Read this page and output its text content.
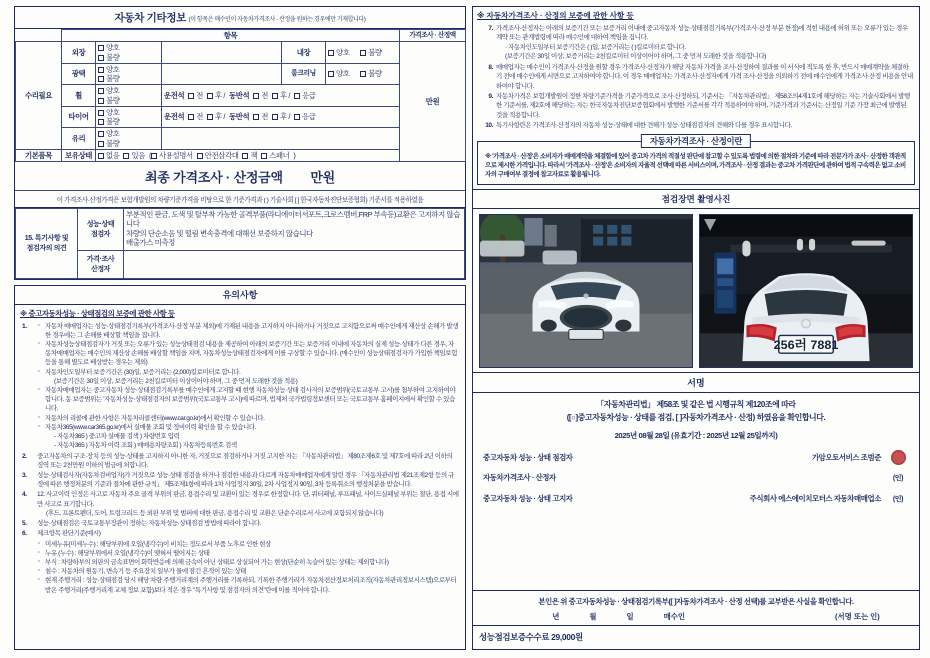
자동차 기타정보 (이 항목은 매수인이 자동차가격조사 · 산정을 원하는 경우에만 기재합니다)
	항목					가격조사 · 산정액
수리필요	외장	양호 불량		내장	양호 불량	만원
	광택	양호 불량		룸크리닝	양호 불량	
	휠	양호 불량	운전석 전 후 / 동반석 전 후 / 응급			
	타이어	양호 불량	운전석 전 후 / 동반석 전 후 / 응급			
	유리	양호 불량				
기본품목	보유상태	없음 있음 ( 사용설명서 안전삼각대 잭 스패너 )				
최종 가격조사 · 산정금액 만원
이 가격조사·산정가격은 보험개발원의 차량기준가격을 비탕으로 한 기준가격과 ( ) 기술사회 [ ] 한국자동차진단보증협회) 기준서를 적용하였음
15. 특기사항 및
점검자의 의견	성능·상태
점검자	
부분적인 판금, 도색 및 탈부착 가능한 골격부품(라디에이터서포트,크로스멤버,FRP 부속등)교환은 고지하지 않습니다
차량의 단순소음 및 떨림 변속충격에 대해선 보증하지 않습니다
배출가스 미측정

	가격·조사
산정자	
유의사항
※ 중고자동차성능 · 상태점검의 보증에 관한 사항 등
· 자동차 매매업자는 성능·상태점검기록부(가격조사·산정 부분 제외)에 기재된 내용을 고지하지 아니하거나 거짓으로 고지함으로써 매수인에게 재산상 손해가 발생한 경우에는 그 손해를 배상할 책임을 집니다.
· 자동차성능상태점검자가 거짓 또는 오류가 있는 성능상태점검 내용을 제공하여 아래의 보증기간 또는 보증거리 이내에 자동차의 실제 성능·상태가 다른 경우, 자동차매매업자는 매수인의 재산상 손해를 배상할 책임을 지며, 자동차성능상태점검자에게 이를 구상할 수 있습니다. (매수인이 성능상태점검자가 가입한 책임보험 등을 통해 별도로 배상받는 경우는 제외)
· 자동차인도일부터 보증기간은 (30)일, 보증거리는 (2,000)킬로미터로 합니다.
(보증기간은 30일 이상, 보증거리는 2천킬로미터 이상이어야 하며, 그 중 먼저 도래한 것을 적용)
· 자동차매매업자는 중고자동차 성능·상태점검기록부를 매수인에게 고지할 때 현행 자동차성능·상태 검사자의 보증범위(국토교통부 고시)를 첨부하여 고지하여야 합니다. 동 보증범위는 '자동차성능·상태점검자의 보증범위'(국토교통부 고시)에 따르며, 법제처 국가법령정보센터 또는 국토교통부 홈페이지에서 확인할 수 있습니다.
· 자동차의 리콜에 관한 사항은 자동차리콜센터(www.car.go.kr)에서 확인할 수 있습니다.
· 자동차365(www.car365.go.kr)에서 실매물 조회 및 정비이력 확인을 할 수 있습니다.
- 자동차365 ) 중고차 실매물 검색 ) 차량번호 입력
- 자동차365 ) 자동차 이력 조회 ) 매매용차량조회 ) 자동차등록번호 검색
중고자동차의 구조·장치 등의 성능·상태를 고지하지 아니한 자, 거짓으로 점검하거나 거짓 고지한 자는 「자동차관리법」 제80조제6호 및 제7호에 따라 2년 이하의 징역 또는 2천만원 이하의 벌금에 처합니다.
성능·상태검사자(자동차검비업자)가 거짓으로 성능·상태 점검을 하거나 점검한 내용과 다르게 자동차매매업자에게 알린 경우 「자동차관리법 제21조제2항 등의 규정에 따른 행정처분의 기준과 절차에 관한 규칙」 제5조제1항에 따라 1차 사업정지 30일, 2차 사업정지 90일, 3차 등록취소의 행정처분을 받습니다.
12. 사고이력 인정은 사고로 자동차 주요 골격 부위의 판금, 용접수리 및 교환이 있는 경우로 한정합니다. 단, 쿼터패널, 루프패널, 사이드실패널 부위는 절단, 용접 시에만 사고로 표기합니다.
(후드, 프론트펜더, 도어, 트렁크리드 등 외판 부위 및 범퍼에 대한 판금, 용접수리 및 교환은 단순수리로서 사고에 포함되지 않습니다)
성능·상태점검은 국토교통부장관이 정하는 자동차성능·상태점검 방법에 따라야 합니다.
체크항목 판단기준(예시)
· 미세누유(미세누수) : 해당부위에 오일(냉각수)이 비치는 정도로서 부품 노후로 인한 현상
· 누유 (누수) : 해당부위에서 오일(냉각수)이 맺혀서 떨어지는 상태
· 부식 : 차량하부의 외판의 금속표면이 화학반응에 의해 금속이 아닌 상태로 상실되어 가는 현상(단순히 녹슬어 있는 상태는 제외합니다)
· 침수 : 자동차의 원동기, 변속기 등 주요장치 일부가 물에 잠긴 흔적이 있는 상태
· 현재 주행거리 : 성능·상태점검 당시 해당 차량 주행거리계의 주행거리를 기록하되, 기록한 주행거리가 자동차전산정보처리조직(자동차관리정보시스템)으로부터 받은 주행거리(주행거리계 교체 정보 포함)보다 적은 경우 "특기사항 및 점검자의 의견"란에 이를 적어야 합니다.
※ 자동차가격조사 · 산정의 보증에 관한 사항 등
7. 가격조사·산정자는 아래의 보증기간 또는 보증거리 이내에 중고자동차 성능·상태점검기록부(가격조사·산정 부분 한정)에 적힌 내용에 허위 또는 오류가 있는 경우 계약 또는 관계법령에 따라 매수인에 대하여 책임을 집니다.
· 자동차인도일부터 보증기간은 ( )일, 보증거리는 ( )킬로미터로 합니다.
(보증기간은 30일 이상, 보증거리는 2천킬로미터 이상이어야 하며, 그 중 먼저 도래한 것을 적용합니다)
8. 매매업자는 매수인이 가격조사·산정을 원할 경우 가격조사·산정자가 해당 자동차 가격을 조사·산정하여 결과를 이 서식에 적도록 한 후, 반드시 매매계약을 체결하기 전에 매수인에게 서면으로 고지하여야 합니다. 이 경우 매매업자는 가격조사·산정자에게 가격 조사·산정을 의뢰하기 전에 매수인에게 가격조사·산정 비용을 안내하여야 합니다.
9. 자동차가격은 보험개발원이 정한 차량기준가격을 기준가격으로 조사·산정하되, 기준서는 「자동차관리법」 제58조의4제1호에 해당하는 자는 기술사회에서 발행한 기준서를, 제2호에 해당하는 자는 한국자동차진단보증협회에서 발행한 기준서를 각각 적용하여야 하며, 기준가격과 기준서는 산정일 기준 가장 최근에 발행된 것을 적용합니다.
10. 특기사항란은 가격조사·산정자의 자동차 성능·상태에 대한 견해가 성능·상태점검자의 견해와 다를 경우 표시합니다.
자동차가격조사 · 산정이란
※ '가격조사 · 산정'은 소비자가 매매계약을 체결함에 있어 중고차 가격의 적절성 판단에 참고할 수 있도록 법령에 의한 절차와 기준에 따라 전문가가 조사 · 산정한 객관적으로 제시한 가격입니다. 따라서 '가격조사 · 산정'은 소비자의 자율적 선택에 따른 서비스이며, 가격조사 · 산정 결과는 중고차 가격판단에 관하여 법적 구속력은 없고 소비자의 구매여부 결정에 참고자료로 활용됩니다.
점검장면 촬영사진
256러 7881
서명
「자동차관리법」 제58조 및 같은 법 시행규칙 제120조에 따라
([○]중고자동차성능 · 상태를 점검, [ ]자동차가격조사 · 산정) 하였음을 확인합니다.
2025년 08월 28일 (유효기간 : 2025년 12월 25일까지)
중고자동차 성능 · 상태 점검자	가암오토서비스 조범준
자동차가격조사 · 산정자	(인)
중고자동차 성능 · 상태 고지자	주식회사 에스에이치모터스 자동차매매업소	(인)
본인은 위 중고자동차성능 · 상태점검기록부([ ]자동차가격조사 · 산정 선택)를 교부받은 사실을 확인합니다.
년	월	일	매수인	(서명 또는 인)
성능점검보증수수료 29,000원
